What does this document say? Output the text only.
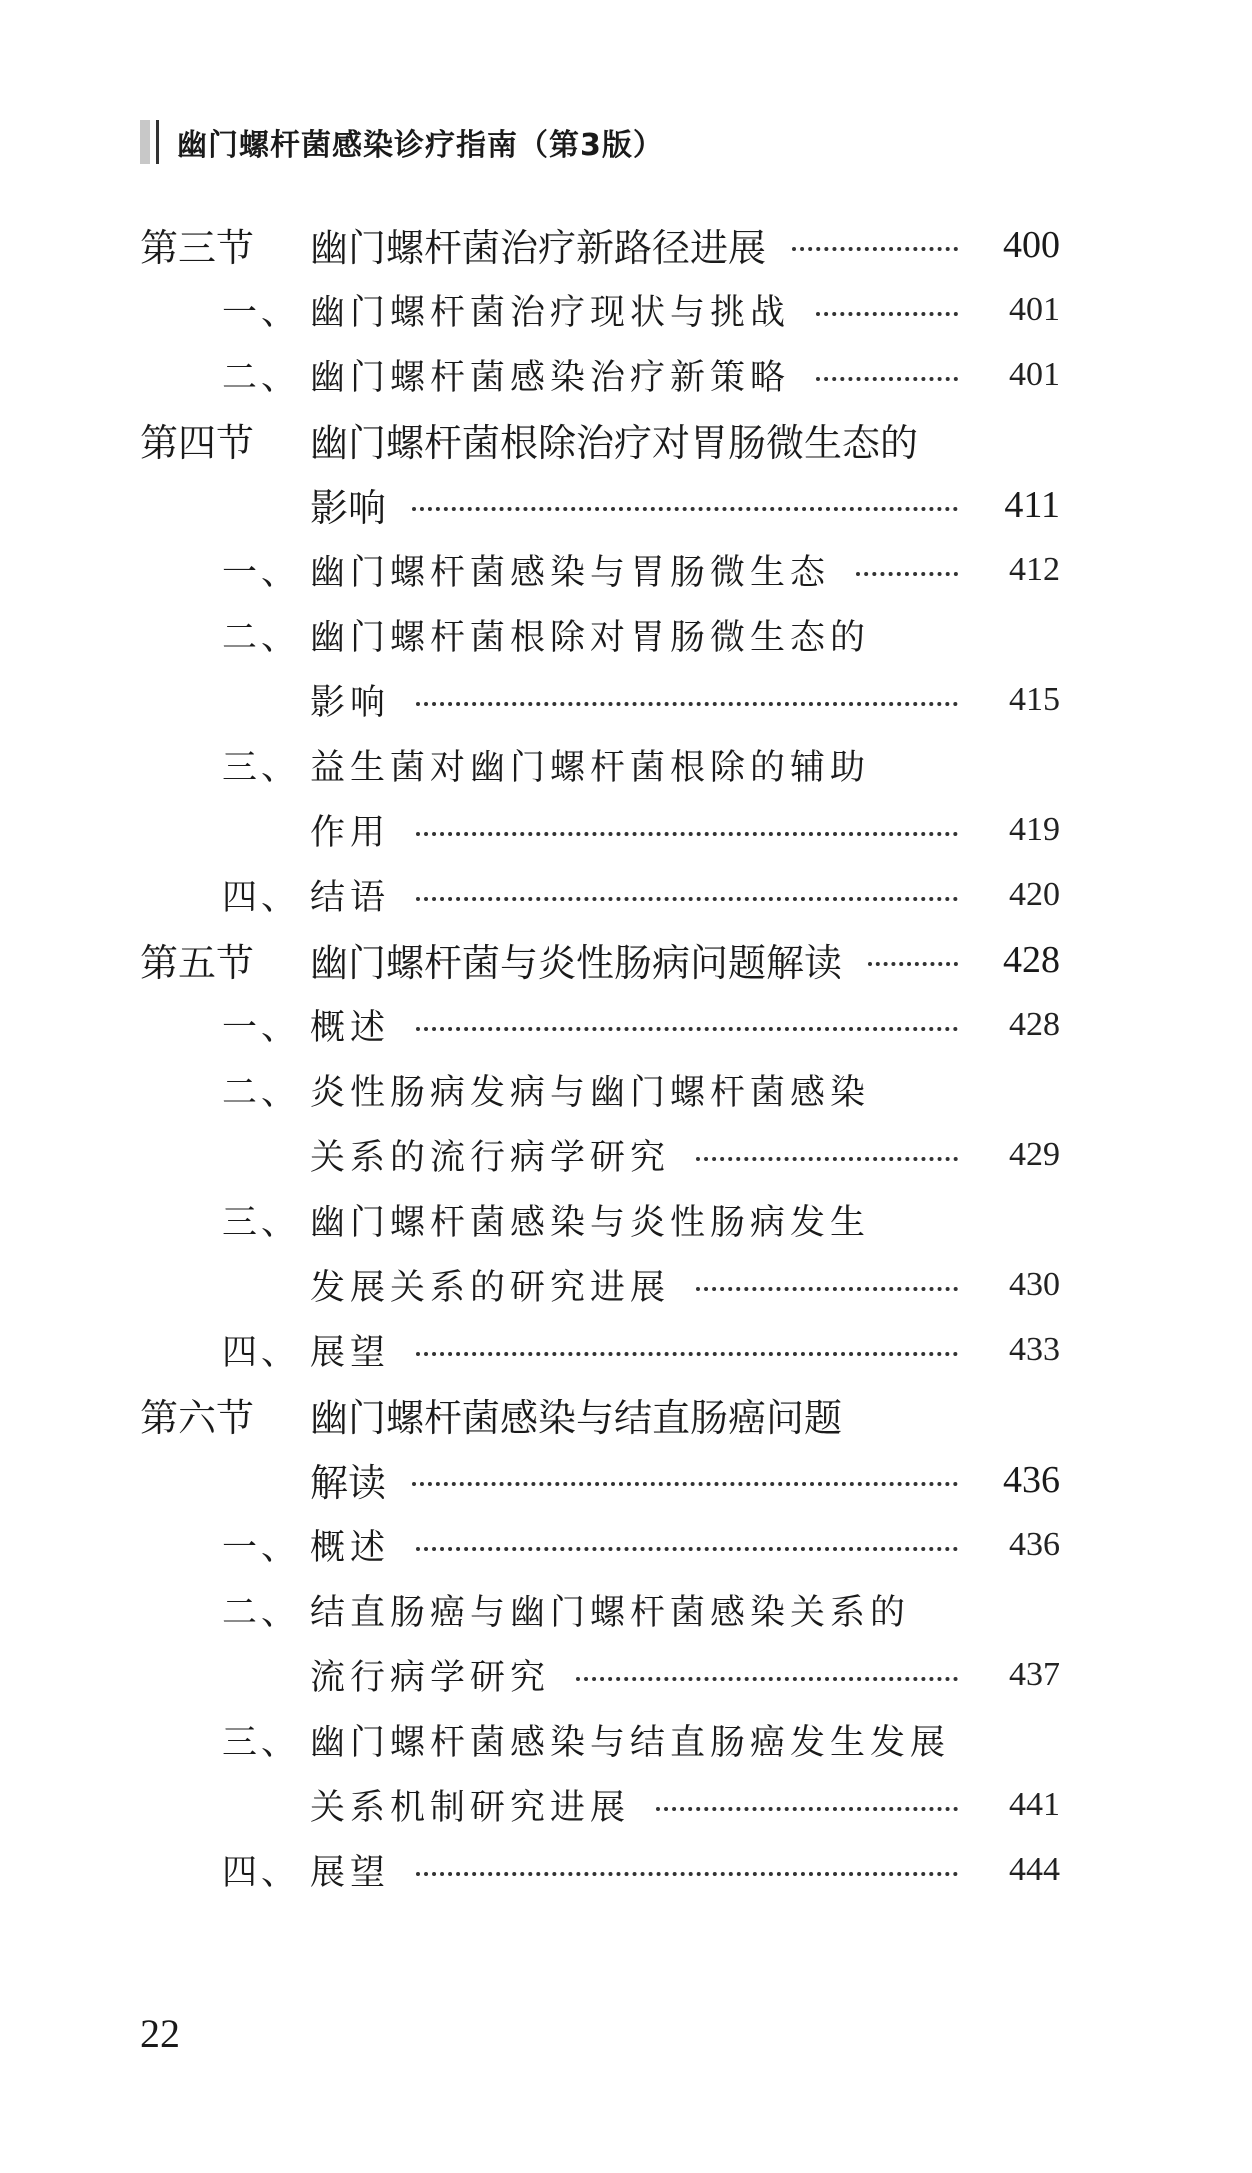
幽门螺杆菌感染诊疗指南（第3版）
第三节	幽门螺杆菌治疗新路径进展	400
一、 幽门螺杆菌治疗现状与挑战	401
二、 幽门螺杆菌感染治疗新策略	401
第四节	幽门螺杆菌根除治疗对胃肠微生态的
影响	411
一、 幽门螺杆菌感染与胃肠微生态	412
二、 幽门螺杆菌根除对胃肠微生态的
影响	415
三、 益生菌对幽门螺杆菌根除的辅助
作用	419
四、 结语	420
第五节	幽门螺杆菌与炎性肠病问题解读	428
一、 概述	428
二、 炎性肠病发病与幽门螺杆菌感染
关系的流行病学研究	429
三、 幽门螺杆菌感染与炎性肠病发生
发展关系的研究进展	430
四、 展望	433
第六节	幽门螺杆菌感染与结直肠癌问题
解读	436
一、 概述	436
二、 结直肠癌与幽门螺杆菌感染关系的
流行病学研究	437
三、 幽门螺杆菌感染与结直肠癌发生发展
关系机制研究进展	441
四、 展望	444
22
